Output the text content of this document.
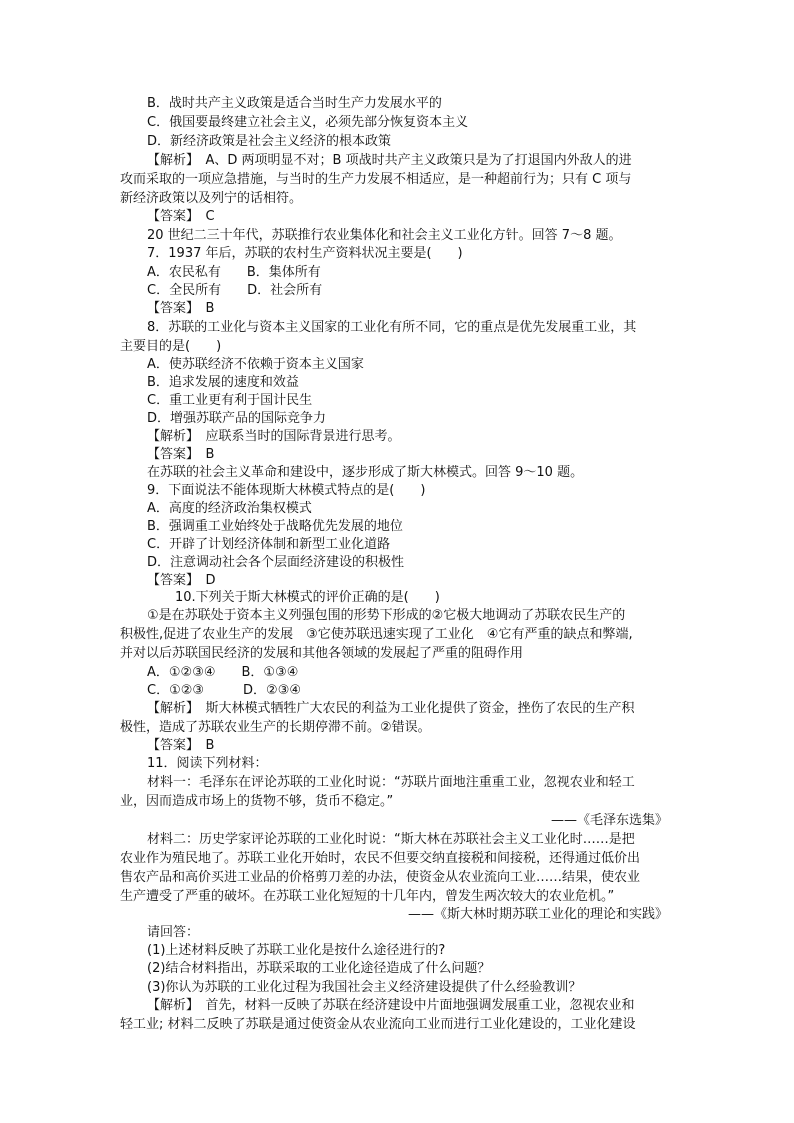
B．战时共产主义政策是适合当时生产力发展水平的
C．俄国要最终建立社会主义，必须先部分恢复资本主义
D．新经济政策是社会主义经济的根本政策
【解析】　A、D 两项明显不对；B 项战时共产主义政策只是为了打退国内外敌人的进
攻而采取的一项应急措施，与当时的生产力发展不相适应，是一种超前行为；只有 C 项与
新经济政策以及列宁的话相符。
【答案】　C
20 世纪二三十年代，苏联推行农业集体化和社会主义工业化方针。回答 7～8 题。
7．1937 年后，苏联的农村生产资料状况主要是(　　)
A．农民私有　　B．集体所有
C．全民所有　　D．社会所有
【答案】　B
8．苏联的工业化与资本主义国家的工业化有所不同，它的重点是优先发展重工业，其
主要目的是(　　)
A．使苏联经济不依赖于资本主义国家
B．追求发展的速度和效益
C．重工业更有利于国计民生
D．增强苏联产品的国际竞争力
【解析】　应联系当时的国际背景进行思考。
【答案】　B
在苏联的社会主义革命和建设中，逐步形成了斯大林模式。回答 9～10 题。
9．下面说法不能体现斯大林模式特点的是(　　)
A．高度的经济政治集权模式
B．强调重工业始终处于战略优先发展的地位
C．开辟了计划经济体制和新型工业化道路
D．注意调动社会各个层面经济建设的积极性
【答案】　D
10.下列关于斯大林模式的评价正确的是(　　)
①是在苏联处于资本主义列强包围的形势下形成的②它极大地调动了苏联农民生产的
积极性,促进了农业生产的发展　③它使苏联迅速实现了工业化　④它有严重的缺点和弊端,
并对以后苏联国民经济的发展和其他各领域的发展起了严重的阻碍作用
A．①②③④　　B．①③④
C．①②③　　　D．②③④
【解析】　斯大林模式牺牲广大农民的利益为工业化提供了资金，挫伤了农民的生产积
极性，造成了苏联农业生产的长期停滞不前。②错误。
【答案】　B
11．阅读下列材料：
材料一：毛泽东在评论苏联的工业化时说：“苏联片面地注重重工业，忽视农业和轻工
业，因而造成市场上的货物不够，货币不稳定。”
——《毛泽东选集》
材料二：历史学家评论苏联的工业化时说：“斯大林在苏联社会主义工业化时……是把
农业作为殖民地了。苏联工业化开始时，农民不但要交纳直接税和间接税，还得通过低价出
售农产品和高价买进工业品的价格剪刀差的办法，使资金从农业流向工业……结果，使农业
生产遭受了严重的破坏。在苏联工业化短短的十几年内，曾发生两次较大的农业危机。”
——《斯大林时期苏联工业化的理论和实践》
请回答：
(1)上述材料反映了苏联工业化是按什么途径进行的?
(2)结合材料指出，苏联采取的工业化途径造成了什么问题？
(3)你认为苏联的工业化过程为我国社会主义经济建设提供了什么经验教训？
【解析】　首先，材料一反映了苏联在经济建设中片面地强调发展重工业，忽视农业和
轻工业; 材料二反映了苏联是通过使资金从农业流向工业而进行工业化建设的，工业化建设
